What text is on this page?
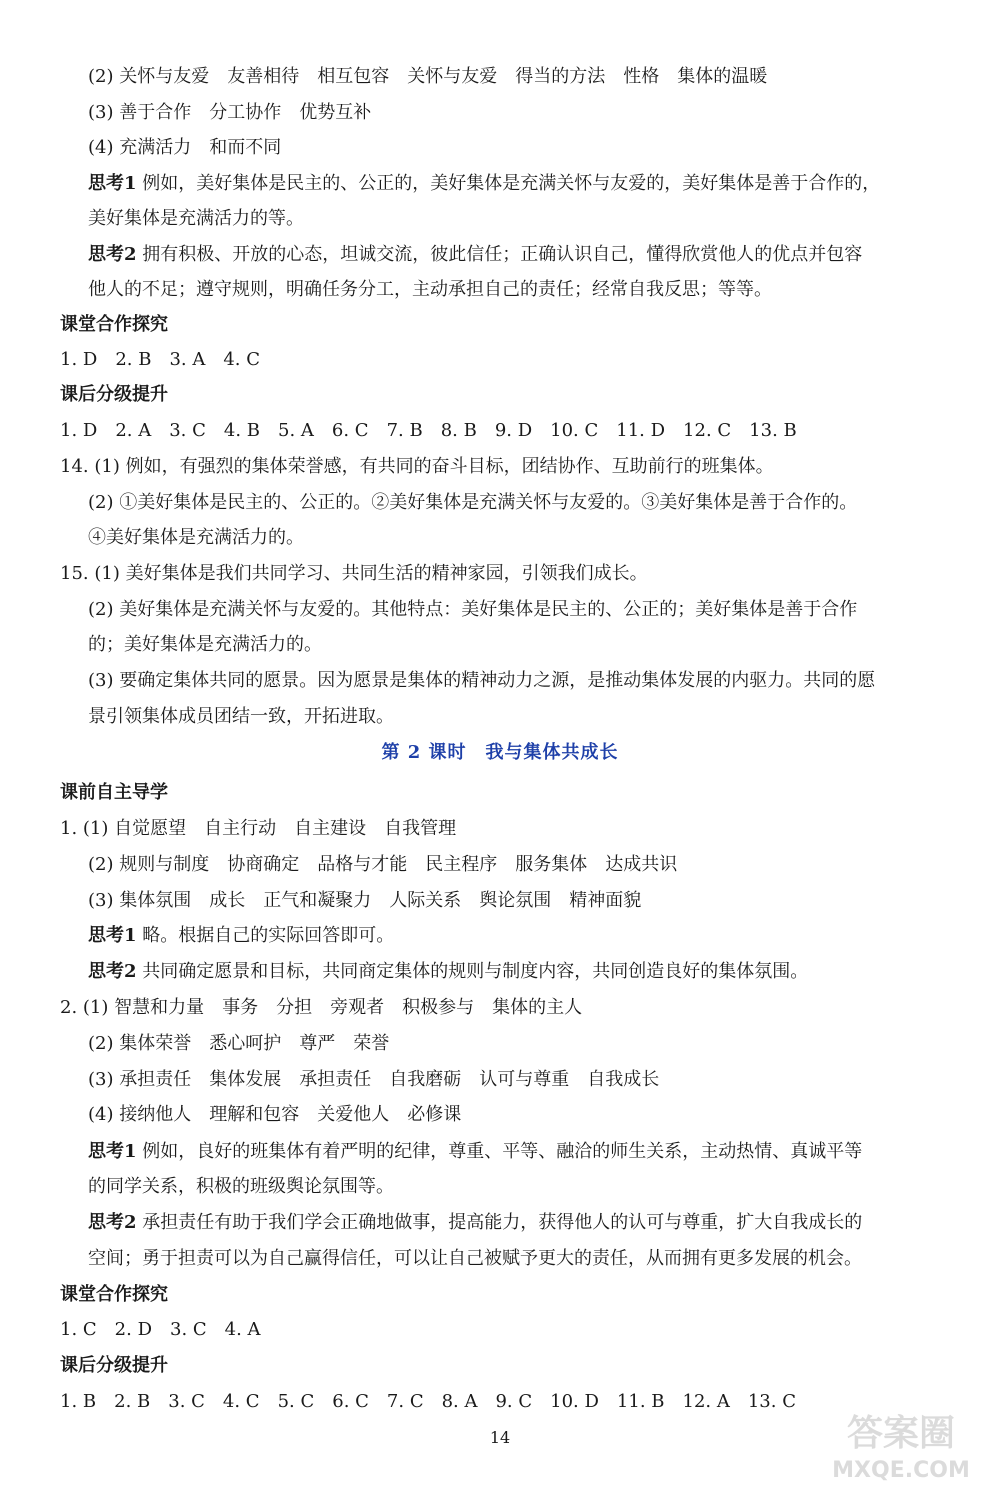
(2) 关怀与友爱　友善相待　相互包容　关怀与友爱　得当的方法　性格　集体的温暖
(3) 善于合作　分工协作　优势互补
(4) 充满活力　和而不同
思考1 例如，美好集体是民主的、公正的，美好集体是充满关怀与友爱的，美好集体是善于合作的，
美好集体是充满活力的等。
思考2 拥有积极、开放的心态，坦诚交流，彼此信任；正确认识自己，懂得欣赏他人的优点并包容
他人的不足；遵守规则，明确任务分工，主动承担自己的责任；经常自我反思；等等。
课堂合作探究
1. D　2. B　3. A　4. C
课后分级提升
1. D　2. A　3. C　4. B　5. A　6. C　7. B　8. B　9. D　10. C　11. D　12. C　13. B
14. (1) 例如，有强烈的集体荣誉感，有共同的奋斗目标，团结协作、互助前行的班集体。
(2) ①美好集体是民主的、公正的。②美好集体是充满关怀与友爱的。③美好集体是善于合作的。
④美好集体是充满活力的。
15. (1) 美好集体是我们共同学习、共同生活的精神家园，引领我们成长。
(2) 美好集体是充满关怀与友爱的。其他特点：美好集体是民主的、公正的；美好集体是善于合作
的；美好集体是充满活力的。
(3) 要确定集体共同的愿景。因为愿景是集体的精神动力之源，是推动集体发展的内驱力。共同的愿
景引领集体成员团结一致，开拓进取。
课前自主导学
1. (1) 自觉愿望　自主行动　自主建设　自我管理
(2) 规则与制度　协商确定　品格与才能　民主程序　服务集体　达成共识
(3) 集体氛围　成长　正气和凝聚力　人际关系　舆论氛围　精神面貌
思考1 略。根据自己的实际回答即可。
思考2 共同确定愿景和目标，共同商定集体的规则与制度内容，共同创造良好的集体氛围。
2. (1) 智慧和力量　事务　分担　旁观者　积极参与　集体的主人
(2) 集体荣誉　悉心呵护　尊严　荣誉
(3) 承担责任　集体发展　承担责任　自我磨砺　认可与尊重　自我成长
(4) 接纳他人　理解和包容　关爱他人　必修课
思考1 例如，良好的班集体有着严明的纪律，尊重、平等、融洽的师生关系，主动热情、真诚平等
的同学关系，积极的班级舆论氛围等。
思考2 承担责任有助于我们学会正确地做事，提高能力，获得他人的认可与尊重，扩大自我成长的
空间；勇于担责可以为自己赢得信任，可以让自己被赋予更大的责任，从而拥有更多发展的机会。
课堂合作探究
1. C　2. D　3. C　4. A
课后分级提升
1. B　2. B　3. C　4. C　5. C　6. C　7. C　8. A　9. C　10. D　11. B　12. A　13. C
第 2 课时　我与集体共成长
14	答案圈
MXQE.COM
